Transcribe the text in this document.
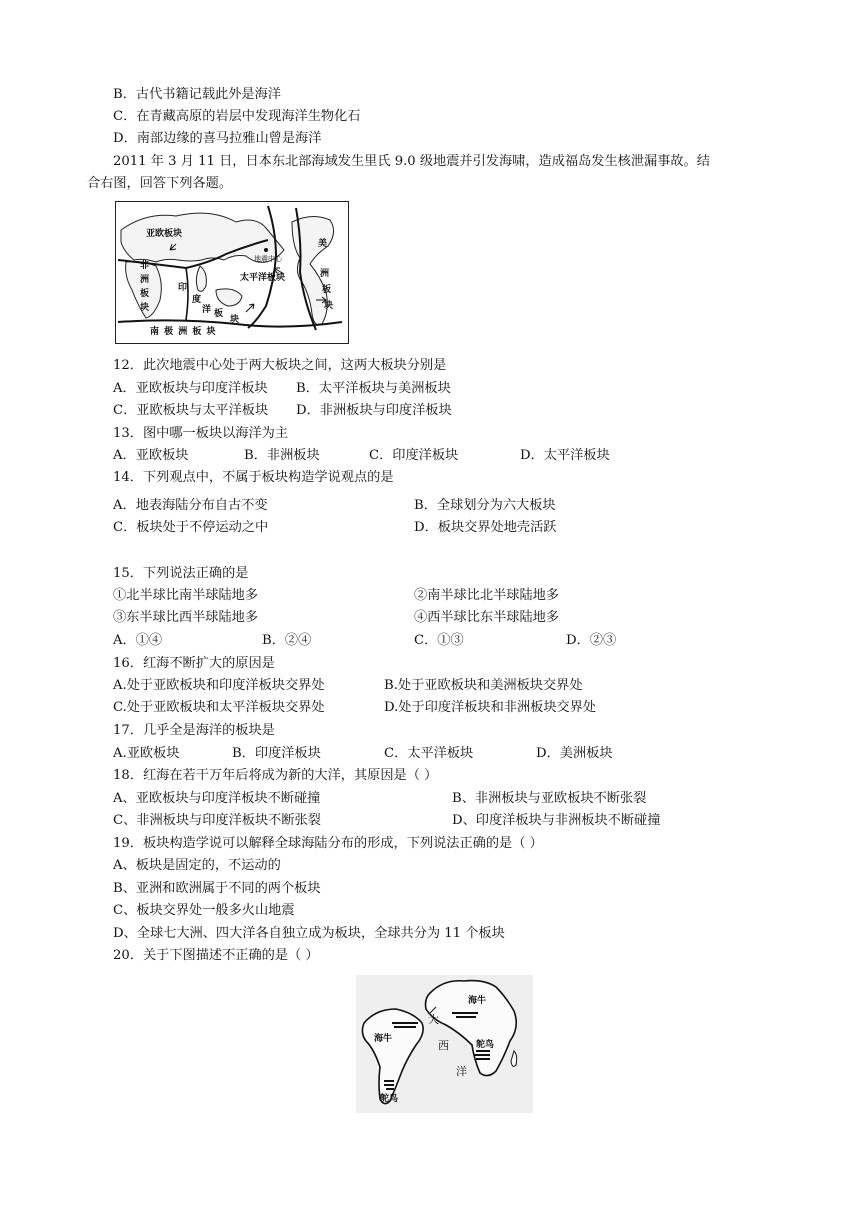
B．古代书籍记载此外是海洋
C．在青藏高原的岩层中发现海洋生物化石
D．南部边缘的喜马拉雅山曾是海洋
2011 年 3 月 11 日，日本东北部海域发生里氏 9.0 级地震并引发海啸，造成福岛发生核泄漏事故。结
合右图，回答下列各题。
亚欧板块
美
洲
板
块
非
洲
板
块
地震中心
太平洋板块
印
度
洋 板
块
南 极 洲 板 块
12．此次地震中心处于两大板块之间，这两大板块分别是
A．亚欧板块与印度洋板块 B．太平洋板块与美洲板块
C．亚欧板块与太平洋板块 D．非洲板块与印度洋板块
13．图中哪一板块以海洋为主
A．亚欧板块	B．非洲板块	C．印度洋板块	D．太平洋板块
14．下列观点中，不属于板块构造学说观点的是
A．地表海陆分布自古不变	B．全球划分为六大板块
C．板块处于不停运动之中	D．板块交界处地壳活跃
15．下列说法正确的是
①北半球比南半球陆地多	②南半球比北半球陆地多
③东半球比西半球陆地多	④西半球比东半球陆地多
A．①④	B．②④	C．①③	D．②③
16．红海不断扩大的原因是
A.处于亚欧板块和印度洋板块交界处	B.处于亚欧板块和美洲板块交界处
C.处于亚欧板块和太平洋板块交界处	D.处于印度洋板块和非洲板块交界处
17．几乎全是海洋的板块是
A.亚欧板块	B．印度洋板块	C．太平洋板块	D．美洲板块
18．红海在若干万年后将成为新的大洋，其原因是（ ）
A、亚欧板块与印度洋板块不断碰撞	B、非洲板块与亚欧板块不断张裂
C、非洲板块与印度洋板块不断张裂	D、印度洋板块与非洲板块不断碰撞
19．板块构造学说可以解释全球海陆分布的形成，下列说法正确的是（ ）
A、板块是固定的，不运动的
B、亚洲和欧洲属于不同的两个板块
C、板块交界处一般多火山地震
D、全球七大洲、四大洋各自独立成为板块，全球共分为 11 个板块
20．关于下图描述不正确的是（ ）
海牛
海牛
鸵鸟
鸵鸟
大
西
洋
